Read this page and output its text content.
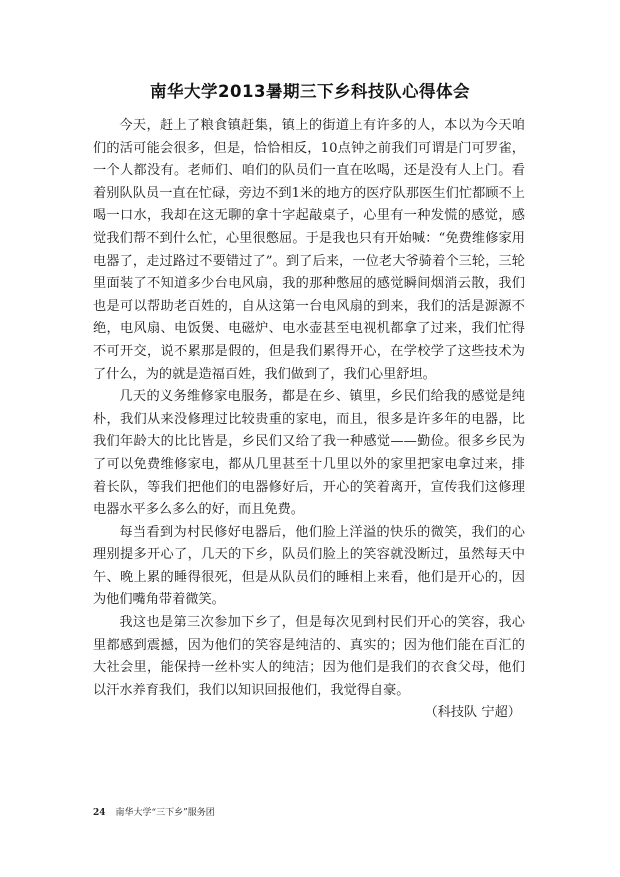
南华大学2013暑期三下乡科技队心得体会

今天，赶上了粮食镇赶集，镇上的街道上有许多的人，本以为今天咱们的活可能会很多，但是，恰恰相反，10点钟之前我们可谓是门可罗雀，一个人都没有。老师们、咱们的队员们一直在吆喝，还是没有人上门。看着别队队员一直在忙碌，旁边不到1米的地方的医疗队那医生们忙都顾不上喝一口水，我却在这无聊的拿十字起敲桌子，心里有一种发慌的感觉，感觉我们帮不到什么忙，心里很憋屈。于是我也只有开始喊：“免费维修家用电器了，走过路过不要错过了”。到了后来，一位老大爷骑着个三轮，三轮里面装了不知道多少台电风扇，我的那种憋屈的感觉瞬间烟消云散，我们也是可以帮助老百姓的，自从这第一台电风扇的到来，我们的活是源源不绝，电风扇、电饭煲、电磁炉、电水壶甚至电视机都拿了过来，我们忙得不可开交，说不累那是假的，但是我们累得开心，在学校学了这些技术为了什么，为的就是造福百姓，我们做到了，我们心里舒坦。

几天的义务维修家电服务，都是在乡、镇里，乡民们给我的感觉是纯朴，我们从来没修理过比较贵重的家电，而且，很多是许多年的电器，比我们年龄大的比比皆是，乡民们又给了我一种感觉——勤俭。很多乡民为了可以免费维修家电，都从几里甚至十几里以外的家里把家电拿过来，排着长队，等我们把他们的电器修好后，开心的笑着离开，宣传我们这修理电器水平多么多么的好，而且免费。

每当看到为村民修好电器后，他们脸上洋溢的快乐的微笑，我们的心理别提多开心了，几天的下乡，队员们脸上的笑容就没断过，虽然每天中午、晚上累的睡得很死，但是从队员们的睡相上来看，他们是开心的，因为他们嘴角带着微笑。

我这也是第三次参加下乡了，但是每次见到村民们开心的笑容，我心里都感到震撼，因为他们的笑容是纯洁的、真实的；因为他们能在百汇的大社会里，能保持一丝朴实人的纯洁；因为他们是我们的衣食父母，他们以汗水养育我们，我们以知识回报他们，我觉得自豪。

（科技队 宁超）

24 南华大学“三下乡”服务团
